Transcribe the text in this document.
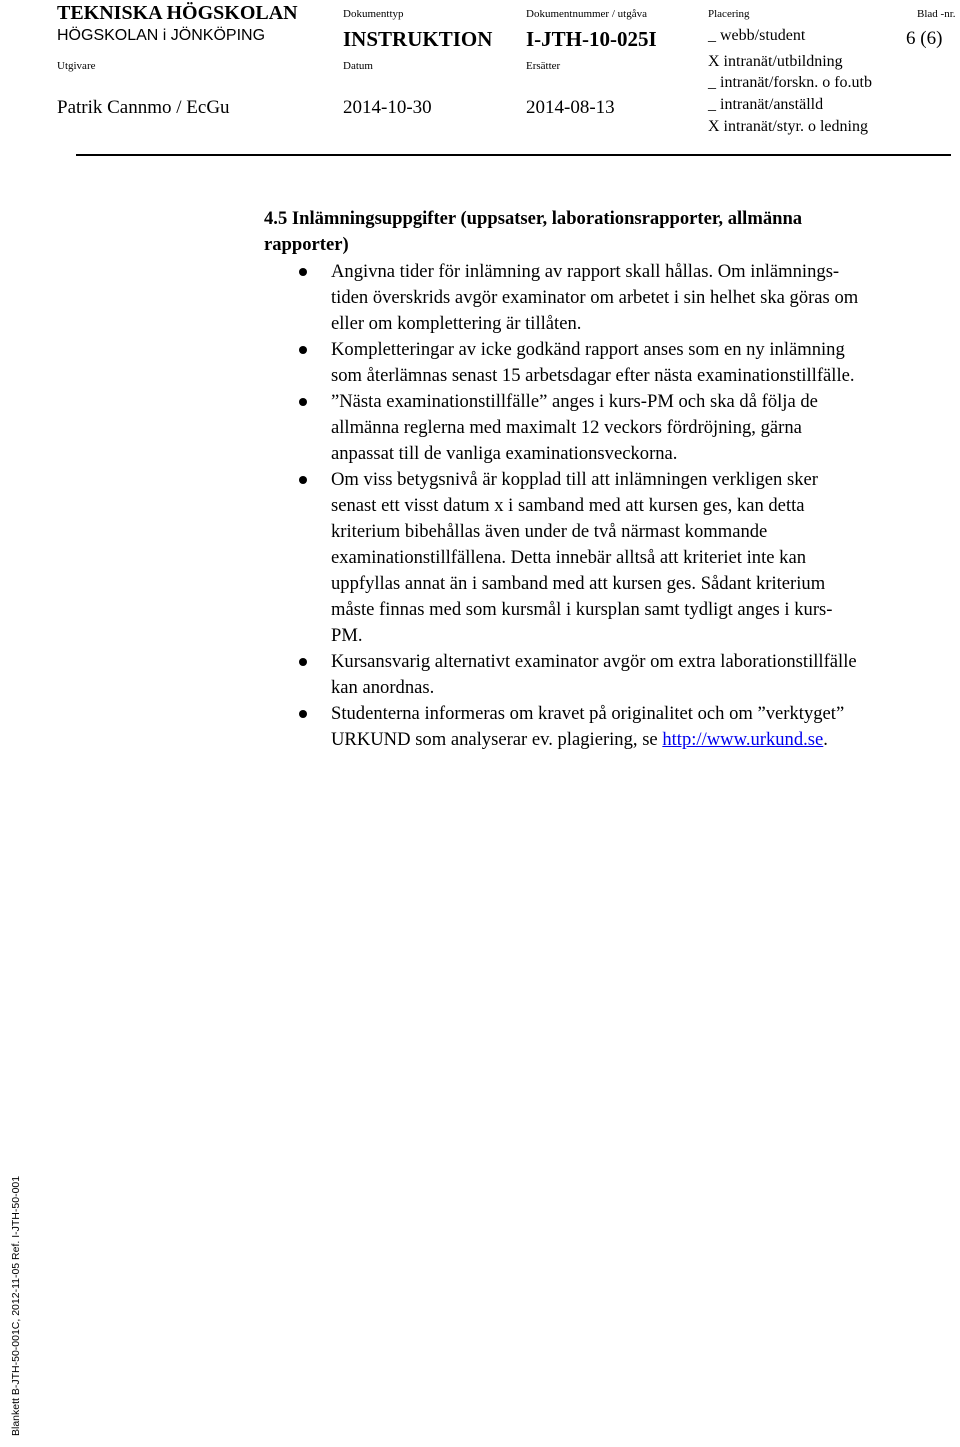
TEKNISKA HÖGSKOLAN
HÖGSKOLAN i JÖNKÖPING
Utgivare
Patrik Cannmo / EcGu
Dokumenttyp
INSTRUKTION
Datum
2014-10-30
Dokumentnummer / utgåva
I-JTH-10-025I
Ersätter
2014-08-13
Placering
_ webb/student
X intranät/utbildning
_ intranät/forskn. o fo.utb
_ intranät/anställd
X intranät/styr. o ledning
Blad -nr.
6 (6)
4.5 Inlämningsuppgifter (uppsatser, laborationsrapporter, allmänna
rapporter)
Angivna tider för inlämning av rapport skall hållas. Om inlämnings-
tiden överskrids avgör examinator om arbetet i sin helhet ska göras om
eller om komplettering är tillåten.
Kompletteringar av icke godkänd rapport anses som en ny inlämning
som återlämnas senast 15 arbetsdagar efter nästa examinationstillfälle.
”Nästa examinationstillfälle” anges i kurs-PM och ska då följa de
allmänna reglerna med maximalt 12 veckors fördröjning, gärna
anpassat till de vanliga examinationsveckorna.
Om viss betygsnivå är kopplad till att inlämningen verkligen sker
senast ett visst datum x i samband med att kursen ges, kan detta
kriterium bibehållas även under de två närmast kommande
examinationstillfällena. Detta innebär alltså att kriteriet inte kan
uppfyllas annat än i samband med att kursen ges. Sådant kriterium
måste finnas med som kursmål i kursplan samt tydligt anges i kurs-
PM.
Kursansvarig alternativt examinator avgör om extra laborationstillfälle
kan anordnas.
Studenterna informeras om kravet på originalitet och om ”verktyget”
URKUND som analyserar ev. plagiering, se http://www.urkund.se.
Blankett B-JTH-50-001C, 2012-11-05 Ref. I-JTH-50-001
